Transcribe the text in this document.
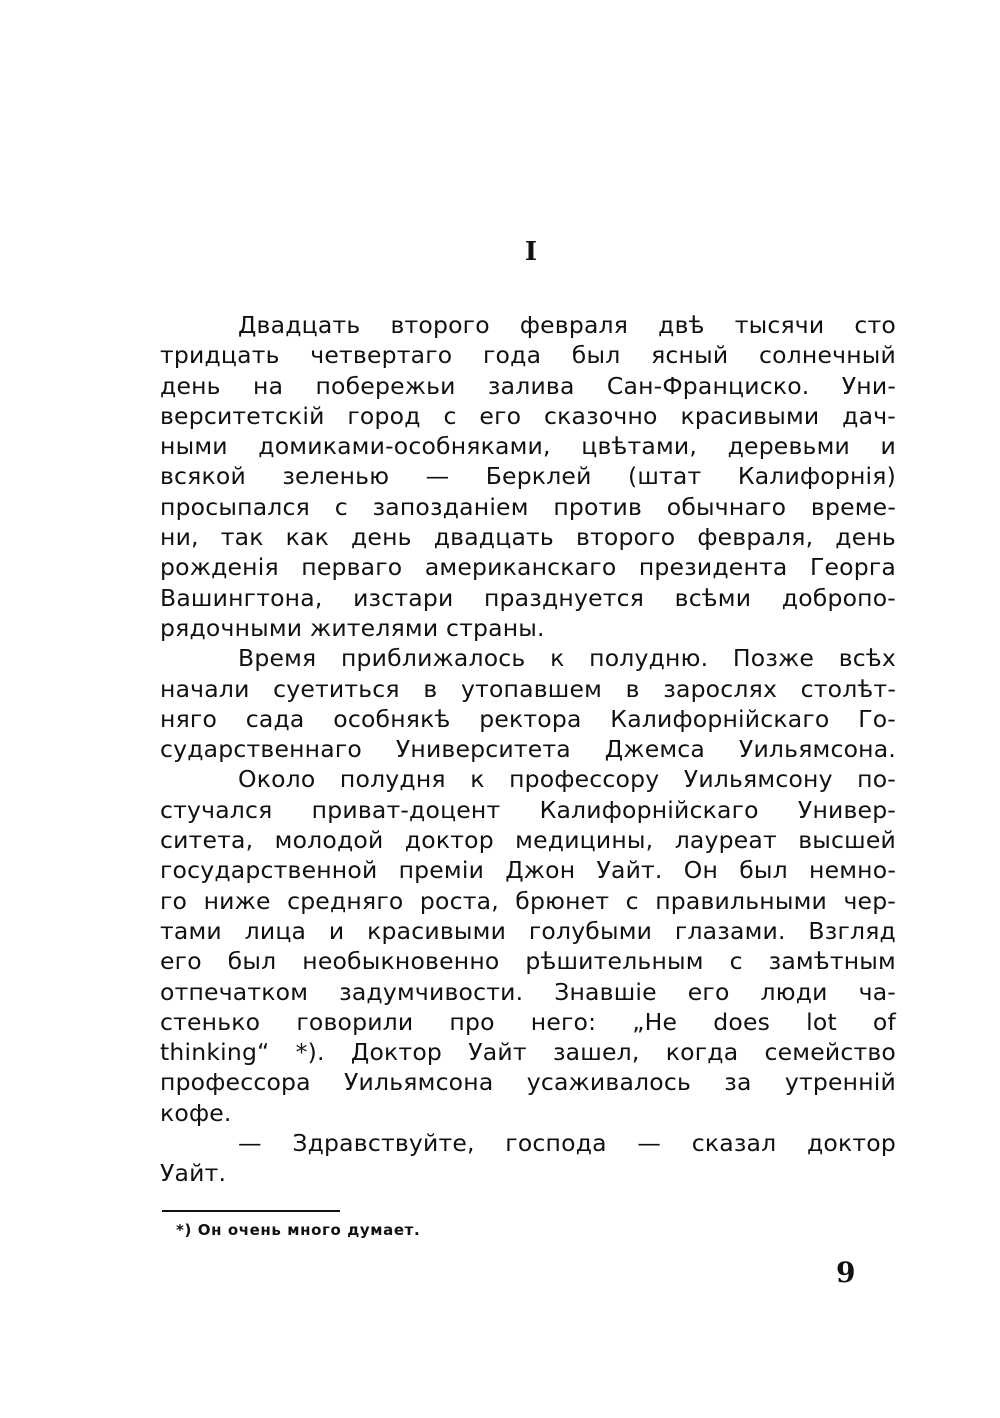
I
Двадцать второго февраля двѣ тысячи сто
тридцать четвертаго года был ясный солнечный
день на побережьи залива Сан-Франциско. Уни-
верситетскiй город с его сказочно красивыми дач-
ными домиками-особняками, цвѣтами, деревьми и
всякой зеленью — Берклей (штат Калифорнiя)
просыпался с запозданiем против обычнаго време-
ни, так как день двадцать второго февраля, день
рожденiя перваго американскаго президента Георга
Вашингтона, изстари празднуется всѣми добропо-
рядочными жителями страны.
Время приближалось к полудню. Позже всѣх
начали суетиться в утопавшем в зарослях столѣт-
няго сада особнякѣ ректора Калифорнiйскаго Го-
сударственнаго Университета Джемса Уильямсона.
Около полудня к профессору Уильямсону по-
стучался приват-доцент Калифорнiйскаго Универ-
ситета, молодой доктор медицины, лауреат высшей
государственной премiи Джон Уайт. Он был немно-
го ниже средняго роста, брюнет с правильными чер-
тами лица и красивыми голубыми глазами. Взгляд
его был необыкновенно рѣшительным с замѣтным
отпечатком задумчивости. Знавшiе его люди ча-
стенько говорили про него: „He does lot of
thinking“ *). Доктор Уайт зашел, когда семейство
профессора Уильямсона усаживалось за утреннiй
кофе.
— Здравствуйте, господа — сказал доктор
Уайт.
*) Он очень много думает.
9
